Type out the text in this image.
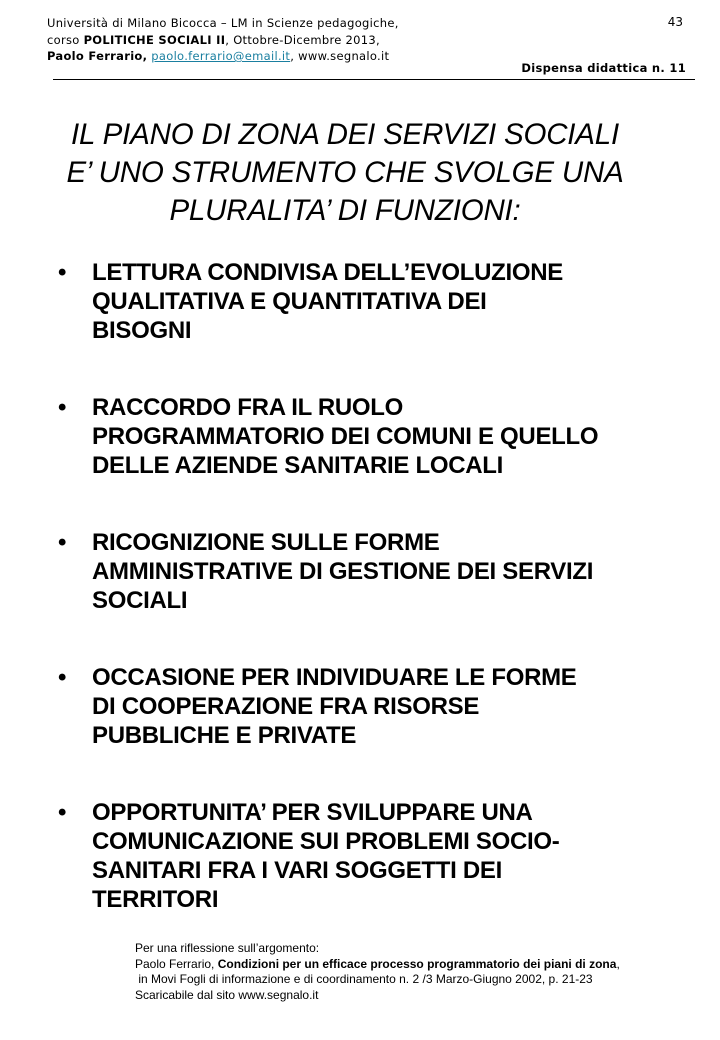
Università di Milano Bicocca – LM in Scienze pedagogiche,
corso POLITICHE SOCIALI II, Ottobre-Dicembre 2013,
Paolo Ferrario, paolo.ferrario@email.it, www.segnalo.it
43
Dispensa didattica n. 11
IL PIANO DI ZONA DEI SERVIZI SOCIALI
E’ UNO STRUMENTO CHE SVOLGE UNA
PLURALITA’ DI FUNZIONI:
• LETTURA CONDIVISA DELL’EVOLUZIONE
QUALITATIVA E QUANTITATIVA DEI
BISOGNI
• RACCORDO FRA IL RUOLO
PROGRAMMATORIO DEI COMUNI E QUELLO
DELLE AZIENDE SANITARIE LOCALI
• RICOGNIZIONE SULLE FORME
AMMINISTRATIVE DI GESTIONE DEI SERVIZI
SOCIALI
• OCCASIONE PER INDIVIDUARE LE FORME
DI COOPERAZIONE FRA RISORSE
PUBBLICHE E PRIVATE
• OPPORTUNITA’ PER SVILUPPARE UNA
COMUNICAZIONE SUI PROBLEMI SOCIO-
SANITARI FRA I VARI SOGGETTI DEI
TERRITORI
Per una riflessione sull’argomento:
Paolo Ferrario, Condizioni per un efficace processo programmatorio dei piani di zona,
in Movi Fogli di informazione e di coordinamento n. 2 /3 Marzo-Giugno 2002, p. 21-23
Scaricabile dal sito www.segnalo.it
